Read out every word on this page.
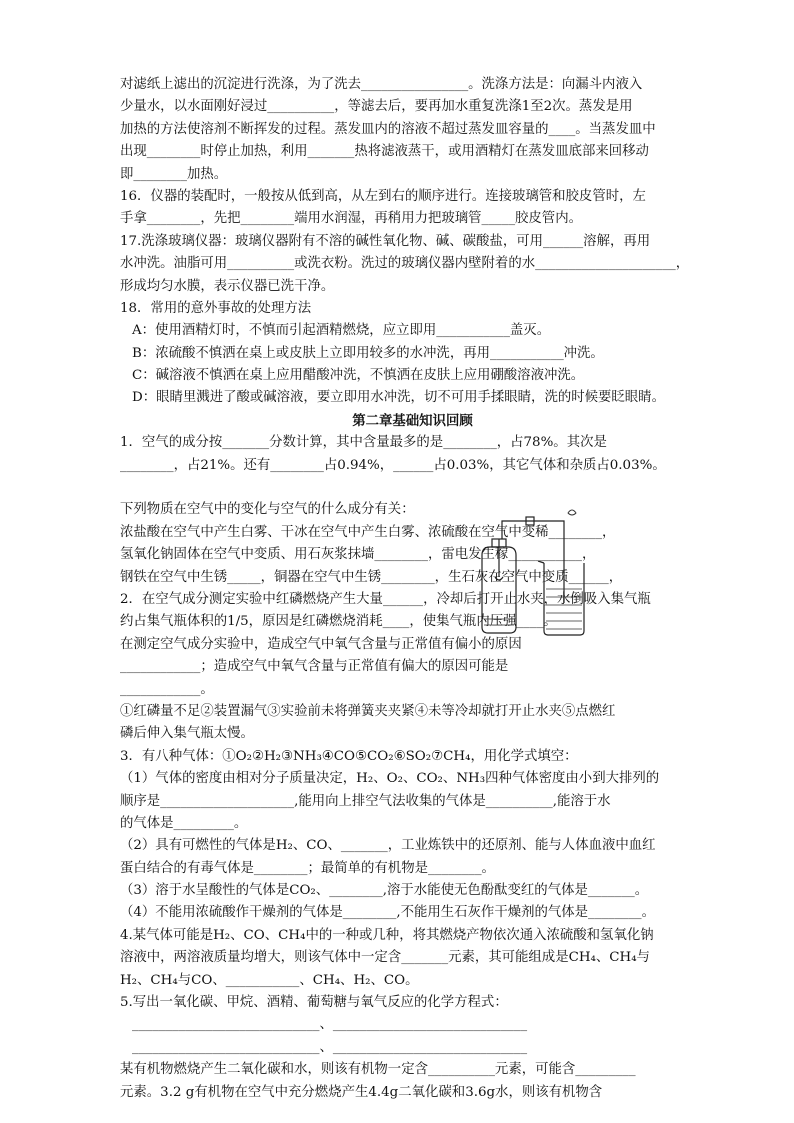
对滤纸上滤出的沉淀进行洗涤，为了洗去________________。洗涤方法是：向漏斗内液入
少量水，以水面刚好浸过__________，等滤去后，要再加水重复洗涤1至2次。蒸发是用
加热的方法使溶剂不断挥发的过程。蒸发皿内的溶液不超过蒸发皿容量的____。当蒸发皿中
出现________时停止加热，利用_______热将滤液蒸干，或用酒精灯在蒸发皿底部来回移动
即________加热。
16．仪器的装配时，一般按从低到高，从左到右的顺序进行。连接玻璃管和胶皮管时，左
手拿________，先把________端用水润湿，再稍用力把玻璃管_____胶皮管内。
17.洗涤玻璃仪器：玻璃仪器附有不溶的碱性氧化物、碱、碳酸盐，可用______溶解，再用
水冲洗。油脂可用__________或洗衣粉。洗过的玻璃仪器内壁附着的水_____________________，
形成均匀水膜，表示仪器已洗干净。
18．常用的意外事故的处理方法
A：使用酒精灯时，不慎而引起酒精燃烧，应立即用___________盖灭。
B：浓硫酸不慎洒在桌上或皮肤上立即用较多的水冲洗，再用___________冲洗。
C：碱溶液不慎洒在桌上应用醋酸冲洗，不慎洒在皮肤上应用硼酸溶液冲洗。
D：眼睛里溅进了酸或碱溶液，要立即用水冲洗，切不可用手揉眼睛，洗的时候要眨眼睛。
第二章基础知识回顾
1．空气的成分按_______分数计算，其中含量最多的是________，占78%。其次是
________，占21%。还有________占0.94%，______占0.03%，其它气体和杂质占0.03%。
下列物质在空气中的变化与空气的什么成分有关：
浓盐酸在空气中产生白雾、干冰在空气中产生白雾、浓硫酸在空气中变稀________，
氢氧化钠固体在空气中变质、用石灰浆抹墙________，雷电发生稼___________，
钢铁在空气中生锈_____，铜器在空气中生锈________，生石灰在空气中变质______，
2．在空气成分测定实验中红磷燃烧产生大量______，冷却后打开止水夹，水倒吸入集气瓶
约占集气瓶体积的1/5，原因是红磷燃烧消耗____，使集气瓶内压强____。
在测定空气成分实验中，造成空气中氧气含量与正常值有偏小的原因
____________；造成空气中氧气含量与正常值有偏大的原因可能是
____________。
①红磷量不足②装置漏气③实验前未将弹簧夹夹紧④未等冷却就打开止水夹⑤点燃红
磷后伸入集气瓶太慢。
3．有八种气体：①O₂②H₂③NH₃④CO⑤CO₂⑥SO₂⑦CH₄，用化学式填空：
（1）气体的密度由相对分子质量决定，H₂、O₂、CO₂、NH₃四种气体密度由小到大排列的
顺序是____________________,能用向上排空气法收集的气体是__________,能溶于水
的气体是_________。
（2）具有可燃性的气体是H₂、CO、_______，工业炼铁中的还原剂、能与人体血液中血红
蛋白结合的有毒气体是________；最简单的有机物是________。
（3）溶于水呈酸性的气体是CO₂、________,溶于水能使无色酚酞变红的气体是_______。
（4）不能用浓硫酸作干燥剂的气体是________,不能用生石灰作干燥剂的气体是________。
4.某气体可能是H₂、CO、CH₄中的一种或几种，将其燃烧产物依次通入浓硫酸和氢氧化钠
溶液中，两溶液质量均增大，则该气体中一定含_______元素，其可能组成是CH₄、CH₄与
H₂、CH₄与CO、___________、CH₄、H₂、CO。
5.写出一氧化碳、甲烷、酒精、葡萄糖与氧气反应的化学方程式：
____________________________、_____________________________
____________________________、_____________________________
某有机物燃烧产生二氧化碳和水，则该有机物一定含__________元素，可能含_________
元素。3.2 g有机物在空气中充分燃烧产生4.4g二氧化碳和3.6g水，则该有机物含
